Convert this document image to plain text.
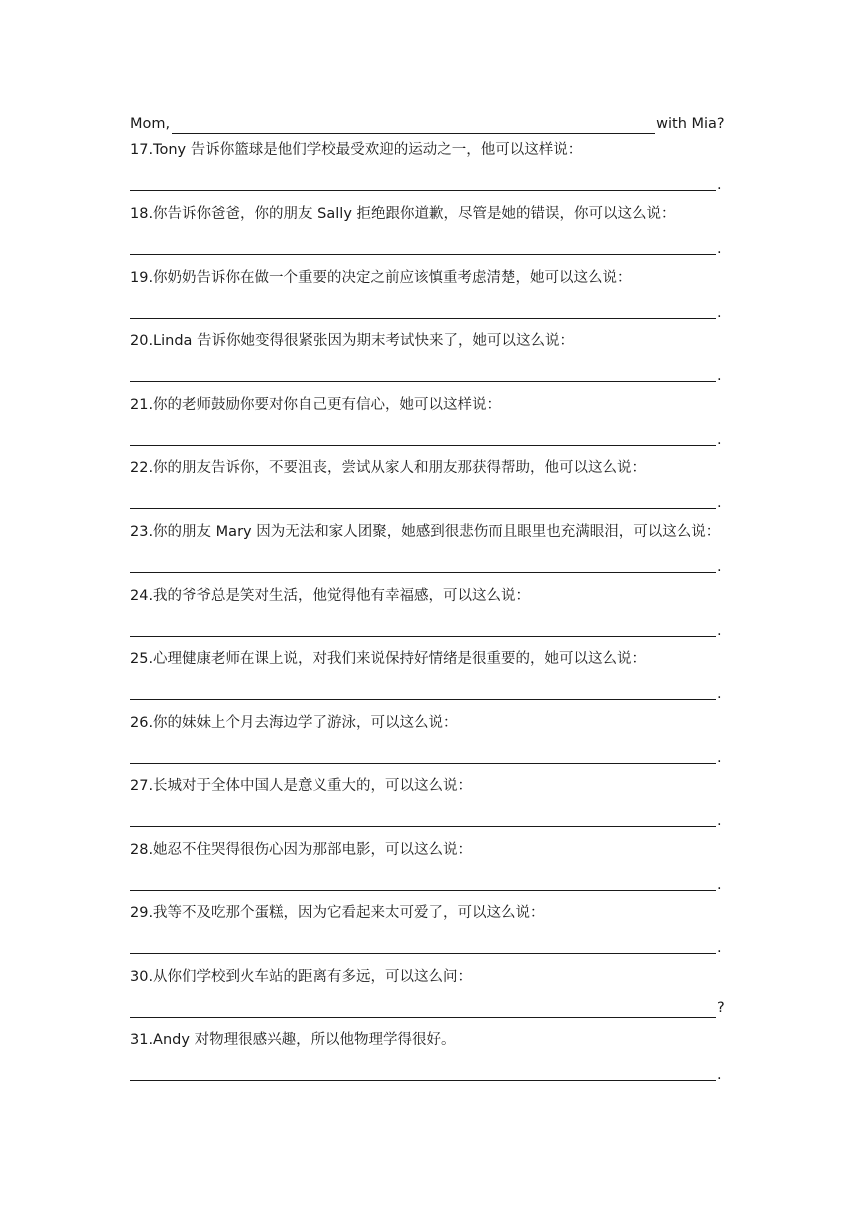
Mom,	with Mia?
17.Tony 告诉你篮球是他们学校最受欢迎的运动之一，他可以这样说：
.
18.你告诉你爸爸，你的朋友 Sally 拒绝跟你道歉，尽管是她的错误，你可以这么说：
.
19.你奶奶告诉你在做一个重要的决定之前应该慎重考虑清楚，她可以这么说：
.
20.Linda 告诉你她变得很紧张因为期末考试快来了，她可以这么说：
.
21.你的老师鼓励你要对你自己更有信心，她可以这样说：
.
22.你的朋友告诉你，不要沮丧，尝试从家人和朋友那获得帮助，他可以这么说：
.
23.你的朋友 Mary 因为无法和家人团聚，她感到很悲伤而且眼里也充满眼泪，可以这么说：
.
24.我的爷爷总是笑对生活，他觉得他有幸福感，可以这么说：
.
25.心理健康老师在课上说，对我们来说保持好情绪是很重要的，她可以这么说：
.
26.你的妹妹上个月去海边学了游泳，可以这么说：
.
27.长城对于全体中国人是意义重大的，可以这么说：
.
28.她忍不住哭得很伤心因为那部电影，可以这么说：
.
29.我等不及吃那个蛋糕，因为它看起来太可爱了，可以这么说：
.
30.从你们学校到火车站的距离有多远，可以这么问：
?
31.Andy 对物理很感兴趣，所以他物理学得很好。
.
